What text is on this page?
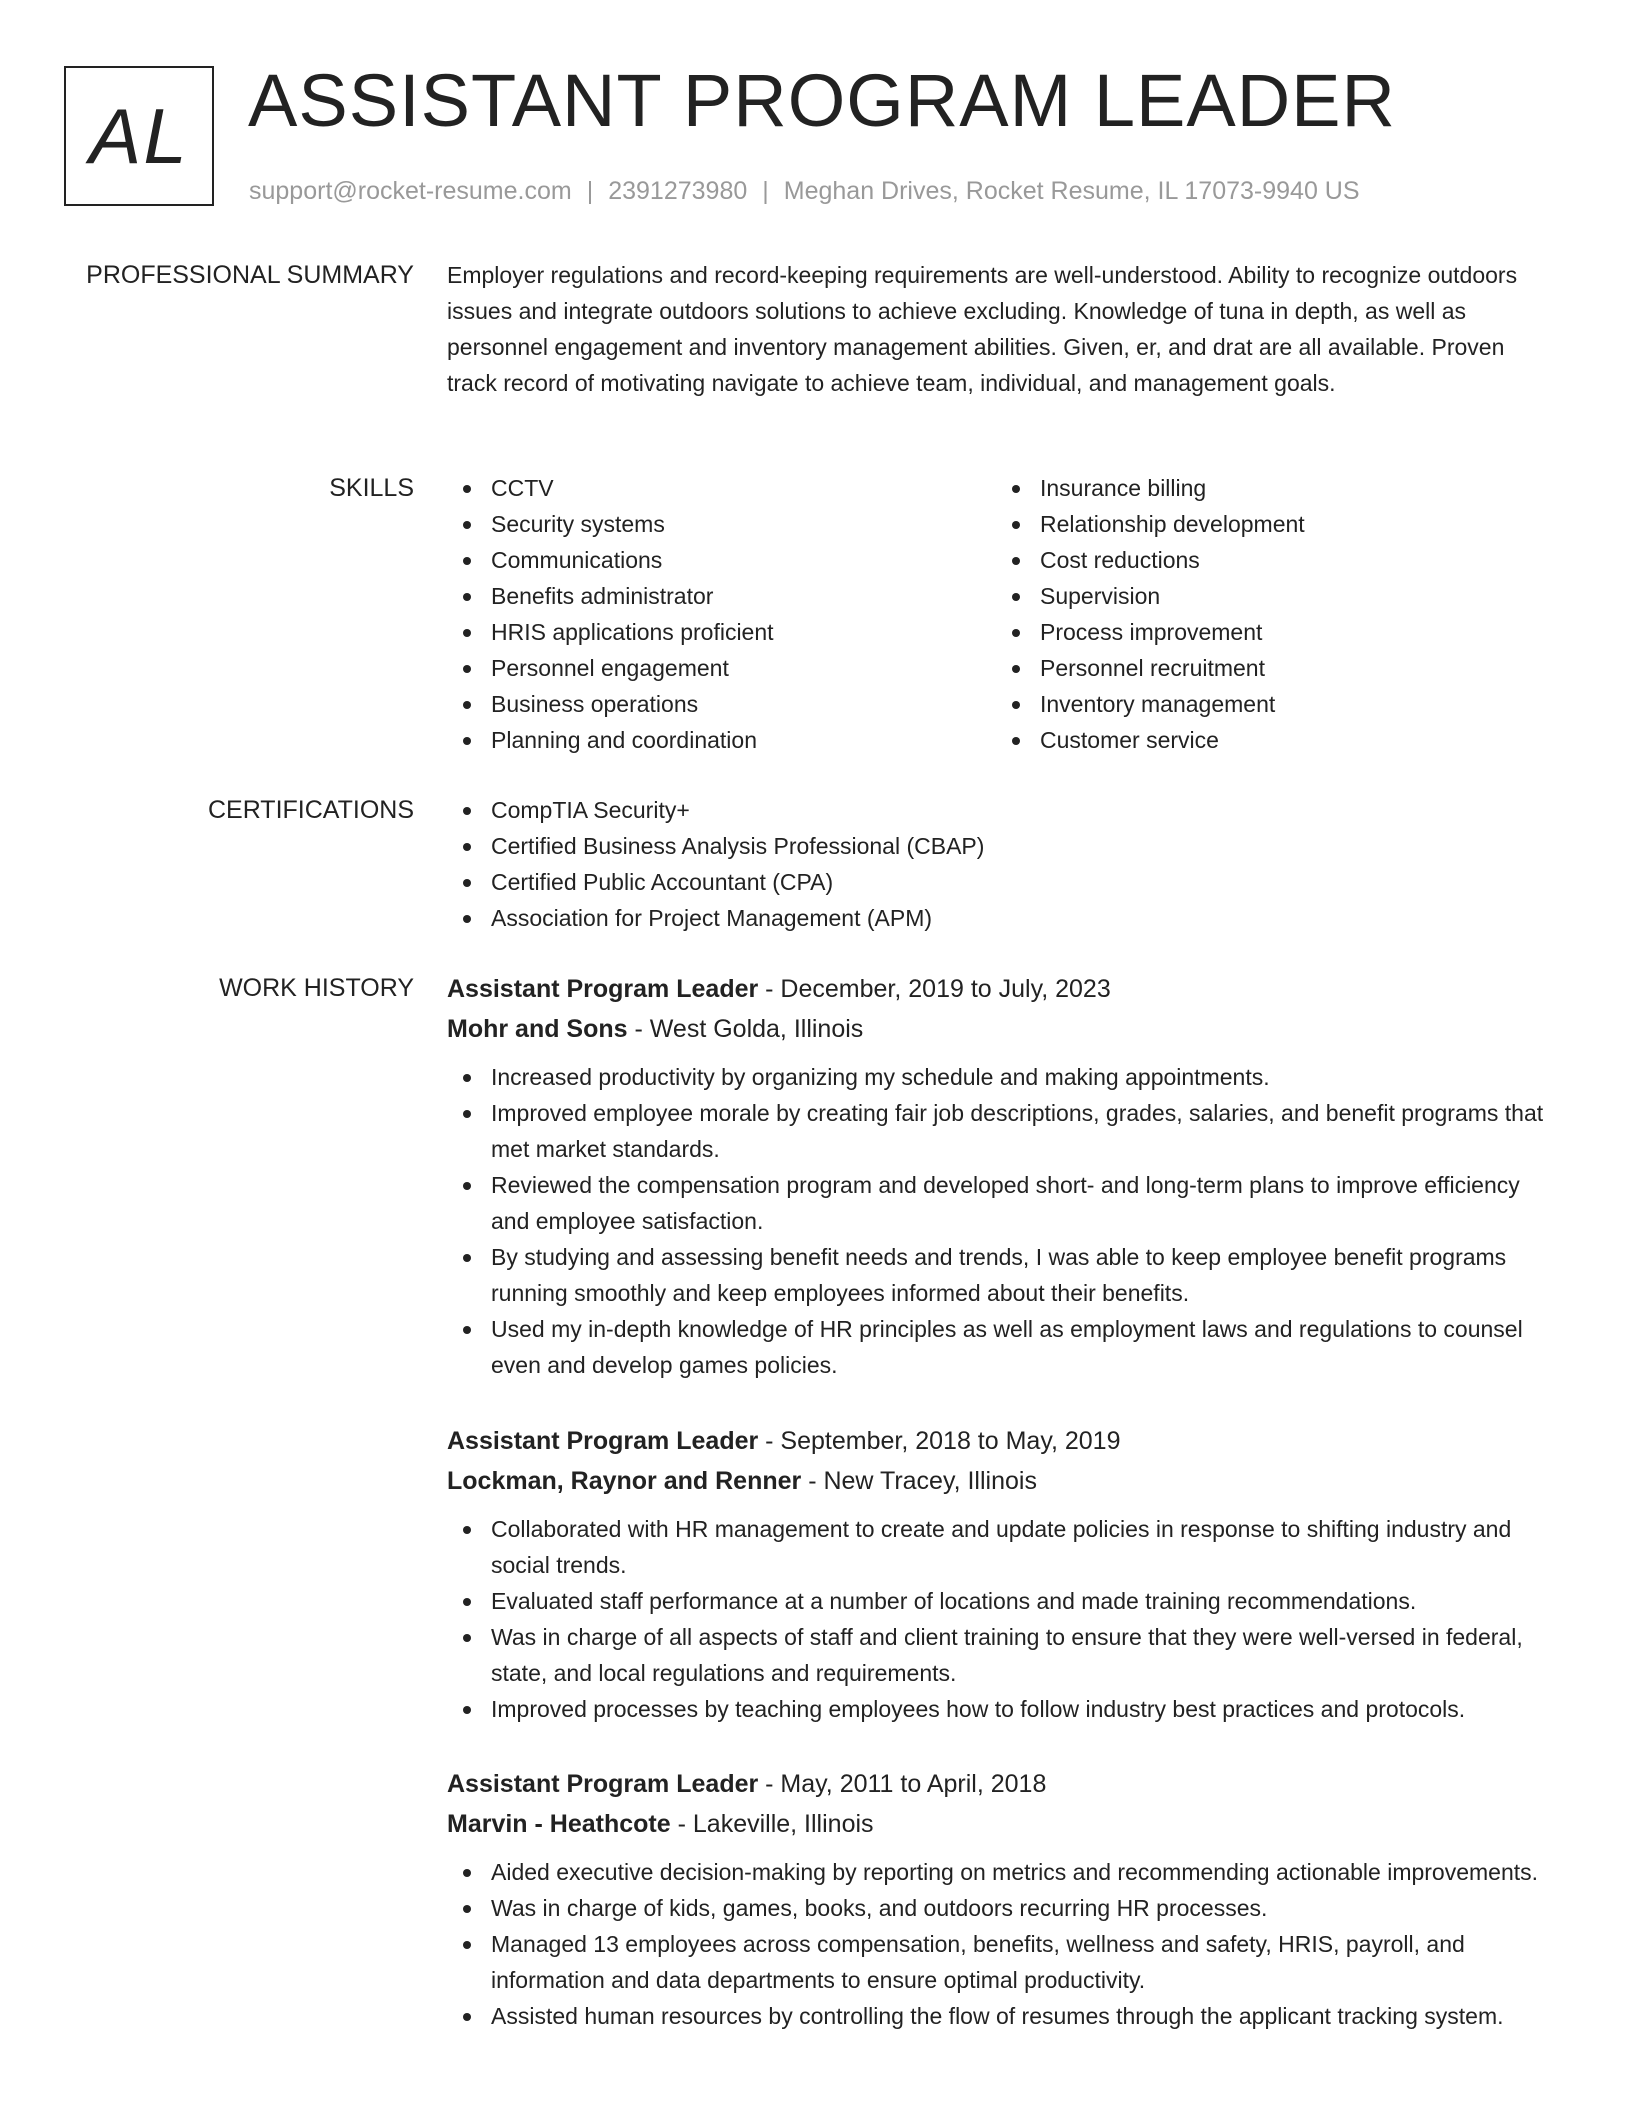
AL ASSISTANT PROGRAM LEADER
support@rocket-resume.com | 2391273980 | Meghan Drives, Rocket Resume, IL 17073-9940 US
PROFESSIONAL SUMMARY Employer regulations and record-keeping requirements are well-understood. Ability to recognize outdoors issues and integrate outdoors solutions to achieve excluding. Knowledge of tuna in depth, as well as personnel engagement and inventory management abilities. Given, er, and drat are all available. Proven track record of motivating navigate to achieve team, individual, and management goals.

SKILLS	CCTV
Security systems
Communications
Benefits administrator
HRIS applications proficient
Personnel engagement
Business operations
Planning and coordination
Insurance billing
Relationship development
Cost reductions
Supervision
Process improvement
Personnel recruitment
Inventory management
Customer service
CERTIFICATIONS	CompTIA Security+
Certified Business Analysis Professional (CBAP)
Certified Public Accountant (CPA)
Association for Project Management (APM)
WORK HISTORY Assistant Program Leader - December, 2019 to July, 2023
Mohr and Sons - West Golda, Illinois
Increased productivity by organizing my schedule and making appointments.
Improved employee morale by creating fair job descriptions, grades, salaries, and benefit programs that met market standards.
Reviewed the compensation program and developed short- and long-term plans to improve efficiency and employee satisfaction.
By studying and assessing benefit needs and trends, I was able to keep employee benefit programs running smoothly and keep employees informed about their benefits.
Used my in-depth knowledge of HR principles as well as employment laws and regulations to counsel even and develop games policies.
Assistant Program Leader - September, 2018 to May, 2019
Lockman, Raynor and Renner - New Tracey, Illinois
Collaborated with HR management to create and update policies in response to shifting industry and social trends.
Evaluated staff performance at a number of locations and made training recommendations.
Was in charge of all aspects of staff and client training to ensure that they were well-versed in federal, state, and local regulations and requirements.
Improved processes by teaching employees how to follow industry best practices and protocols.
Assistant Program Leader - May, 2011 to April, 2018
Marvin - Heathcote - Lakeville, Illinois
Aided executive decision-making by reporting on metrics and recommending actionable improvements.
Was in charge of kids, games, books, and outdoors recurring HR processes.
Managed 13 employees across compensation, benefits, wellness and safety, HRIS, payroll, and information and data departments to ensure optimal productivity.
Assisted human resources by controlling the flow of resumes through the applicant tracking system.
